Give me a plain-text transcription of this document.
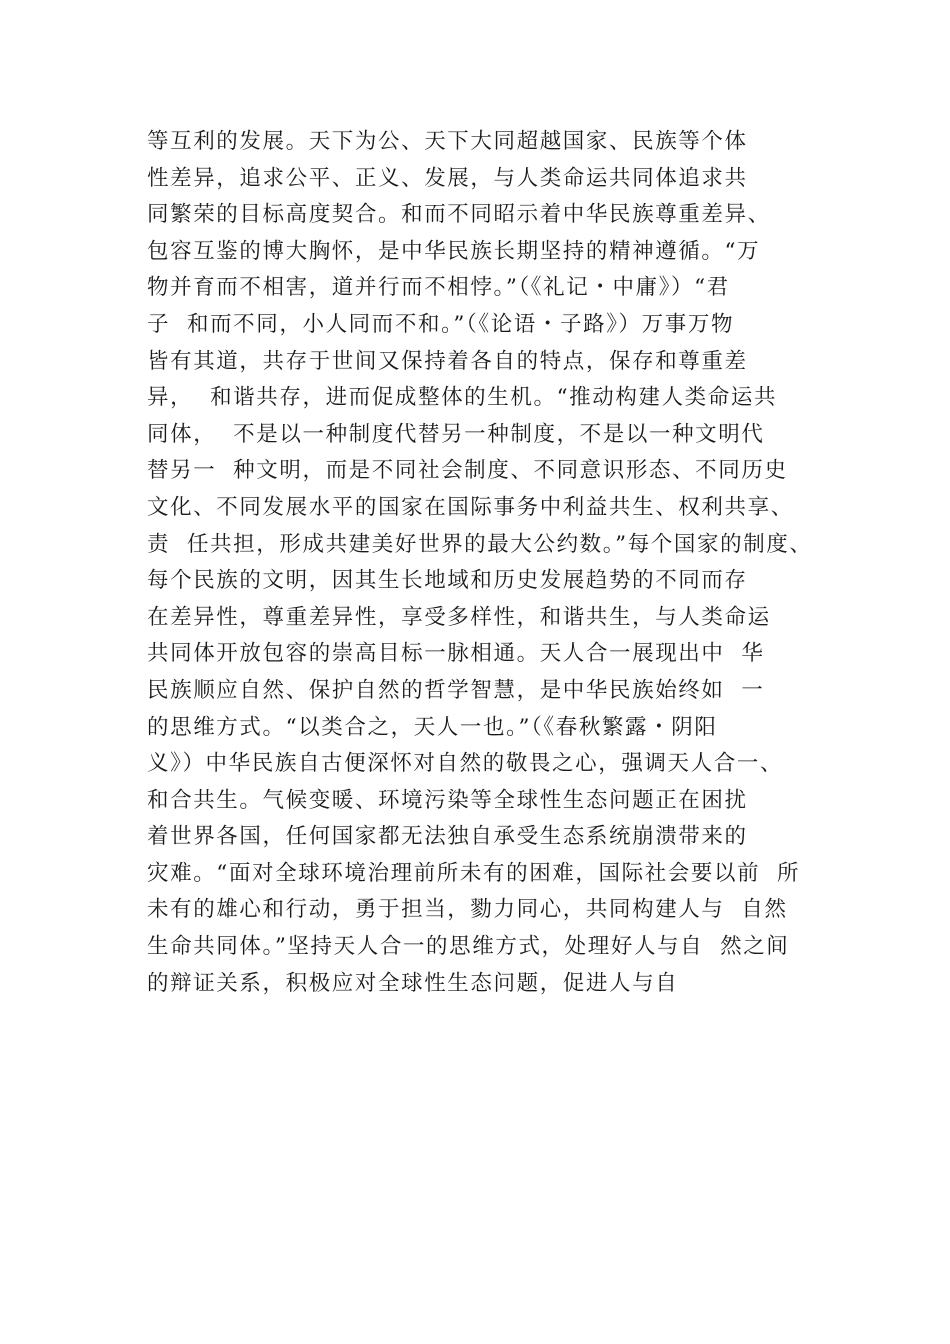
等互利的发展。天下为公、天下大同超越国家、民族等个体
性差异，追求公平、正义、发展，与人类命运共同体追求共
同繁荣的目标高度契合。和而不同昭示着中华民族尊重差异、
包容互鉴的博大胸怀，是中华民族长期坚持的精神遵循。“万
物并育而不相害，道并行而不相悖。”（《礼记・中庸》）“君
子  和而不同，小人同而不和。”（《论语・子路》）万事万物
皆有其道，共存于世间又保持着各自的特点，保存和尊重差
异，  和谐共存，进而促成整体的生机。“推动构建人类命运共
同体，  不是以一种制度代替另一种制度，不是以一种文明代
替另一  种文明，而是不同社会制度、不同意识形态、不同历史
文化、不同发展水平的国家在国际事务中利益共生、权利共享、
责  任共担，形成共建美好世界的最大公约数。”每个国家的制度、
每个民族的文明，因其生长地域和历史发展趋势的不同而存
在差异性，尊重差异性，享受多样性，和谐共生，与人类命运
共同体开放包容的崇高目标一脉相通。天人合一展现出中  华
民族顺应自然、保护自然的哲学智慧，是中华民族始终如  一
的思维方式。“以类合之，天人一也。”（《春秋繁露・阴阳
义》）中华民族自古便深怀对自然的敬畏之心，强调天人合一、
和合共生。气候变暖、环境污染等全球性生态问题正在困扰
着世界各国，任何国家都无法独自承受生态系统崩溃带来的
灾难。“面对全球环境治理前所未有的困难，国际社会要以前  所
未有的雄心和行动，勇于担当，勠力同心，共同构建人与  自然
生命共同体。”坚持天人合一的思维方式，处理好人与自  然之间
的辩证关系，积极应对全球性生态问题，促进人与自
